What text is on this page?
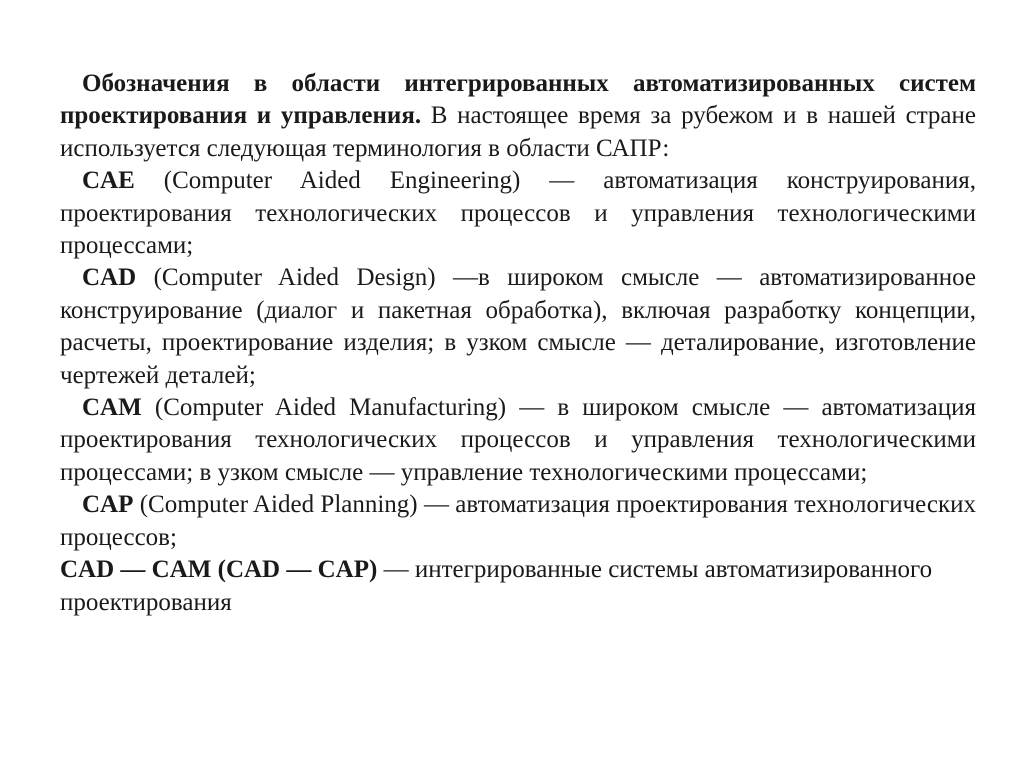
Обозначения в области интегрированных автоматизированных систем проектирования и управления. В настоящее время за рубежом и в нашей стране используется следующая терминология в области САПР:

CAE (Computer Aided Engineering) — автоматизация конструирования, проектирования технологических процессов и управления технологическими процессами;

CAD (Computer Aided Design) —в широком смысле — автоматизированное конструирование (диалог и пакетная обработка), включая разработку концепции, расчеты, проектирование изделия; в узком смысле — деталирование, изготовление чертежей деталей;

CAM (Computer Aided Manufacturing) — в широком смысле — автоматизация проектирования технологических процессов и управления технологическими процессами; в узком смысле — управление технологическими процессами;

CAP (Computer Aided Planning) — автоматизация проектирования технологических процессов;

CAD — CAM (CAD — CAP) — интегрированные системы автоматизированного проектирования
